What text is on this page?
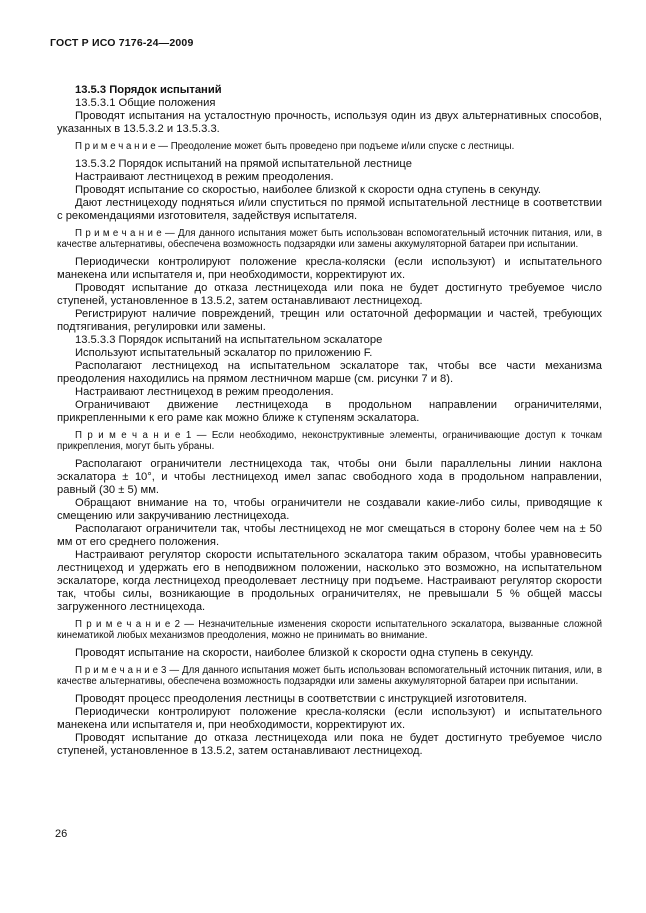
ГОСТ Р ИСО 7176-24—2009

13.5.3 Порядок испытаний

13.5.3.1 Общие положения

Проводят испытания на усталостную прочность, используя один из двух альтернативных способов, указанных в 13.5.3.2 и 13.5.3.3.

П р и м е ч а н и е — Преодоление может быть проведено при подъеме и/или спуске с лестницы.

13.5.3.2 Порядок испытаний на прямой испытательной лестнице

Настраивают лестницеход в режим преодоления.

Проводят испытание со скоростью, наиболее близкой к скорости одна ступень в секунду.

Дают лестницеходу подняться и/или спуститься по прямой испытательной лестнице в соответствии с рекомендациями изготовителя, задействуя испытателя.

П р и м е ч а н и е — Для данного испытания может быть использован вспомогательный источник питания, или, в качестве альтернативы, обеспечена возможность подзарядки или замены аккумуляторной батареи при испытании.

Периодически контролируют положение кресла-коляски (если используют) и испытательного манекена или испытателя и, при необходимости, корректируют их.

Проводят испытание до отказа лестницехода или пока не будет достигнуто требуемое число ступеней, установленное в 13.5.2, затем останавливают лестницеход.

Регистрируют наличие повреждений, трещин или остаточной деформации и частей, требующих подтягивания, регулировки или замены.

13.5.3.3 Порядок испытаний на испытательном эскалаторе

Используют испытательный эскалатор по приложению F.

Располагают лестницеход на испытательном эскалаторе так, чтобы все части механизма преодоления находились на прямом лестничном марше (см. рисунки 7 и 8).

Настраивают лестницеход в режим преодоления.

Ограничивают движение лестницехода в продольном направлении ограничителями, прикрепленными к его раме как можно ближе к ступеням эскалатора.

П р и м е ч а н и е 1 — Если необходимо, неконструктивные элементы, ограничивающие доступ к точкам прикрепления, могут быть убраны.

Располагают ограничители лестницехода так, чтобы они были параллельны линии наклона эскалатора ± 10°, и чтобы лестницеход имел запас свободного хода в продольном направлении, равный (30 ± 5) мм.

Обращают внимание на то, чтобы ограничители не создавали какие-либо силы, приводящие к смещению или закручиванию лестницехода.

Располагают ограничители так, чтобы лестницеход не мог смещаться в сторону более чем на ± 50 мм от его среднего положения.

Настраивают регулятор скорости испытательного эскалатора таким образом, чтобы уравновесить лестницеход и удержать его в неподвижном положении, насколько это возможно, на испытательном эскалаторе, когда лестницеход преодолевает лестницу при подъеме. Настраивают регулятор скорости так, чтобы силы, возникающие в продольных ограничителях, не превышали 5 % общей массы загруженного лестницехода.

П р и м е ч а н и е 2 — Незначительные изменения скорости испытательного эскалатора, вызванные сложной кинематикой любых механизмов преодоления, можно не принимать во внимание.

Проводят испытание на скорости, наиболее близкой к скорости одна ступень в секунду.

П р и м е ч а н и е 3 — Для данного испытания может быть использован вспомогательный источник питания, или, в качестве альтернативы, обеспечена возможность подзарядки или замены аккумуляторной батареи при испытании.

Проводят процесс преодоления лестницы в соответствии с инструкцией изготовителя.

Периодически контролируют положение кресла-коляски (если используют) и испытательного манекена или испытателя и, при необходимости, корректируют их.

Проводят испытание до отказа лестницехода или пока не будет достигнуто требуемое число ступеней, установленное в 13.5.2, затем останавливают лестницеход.

26
